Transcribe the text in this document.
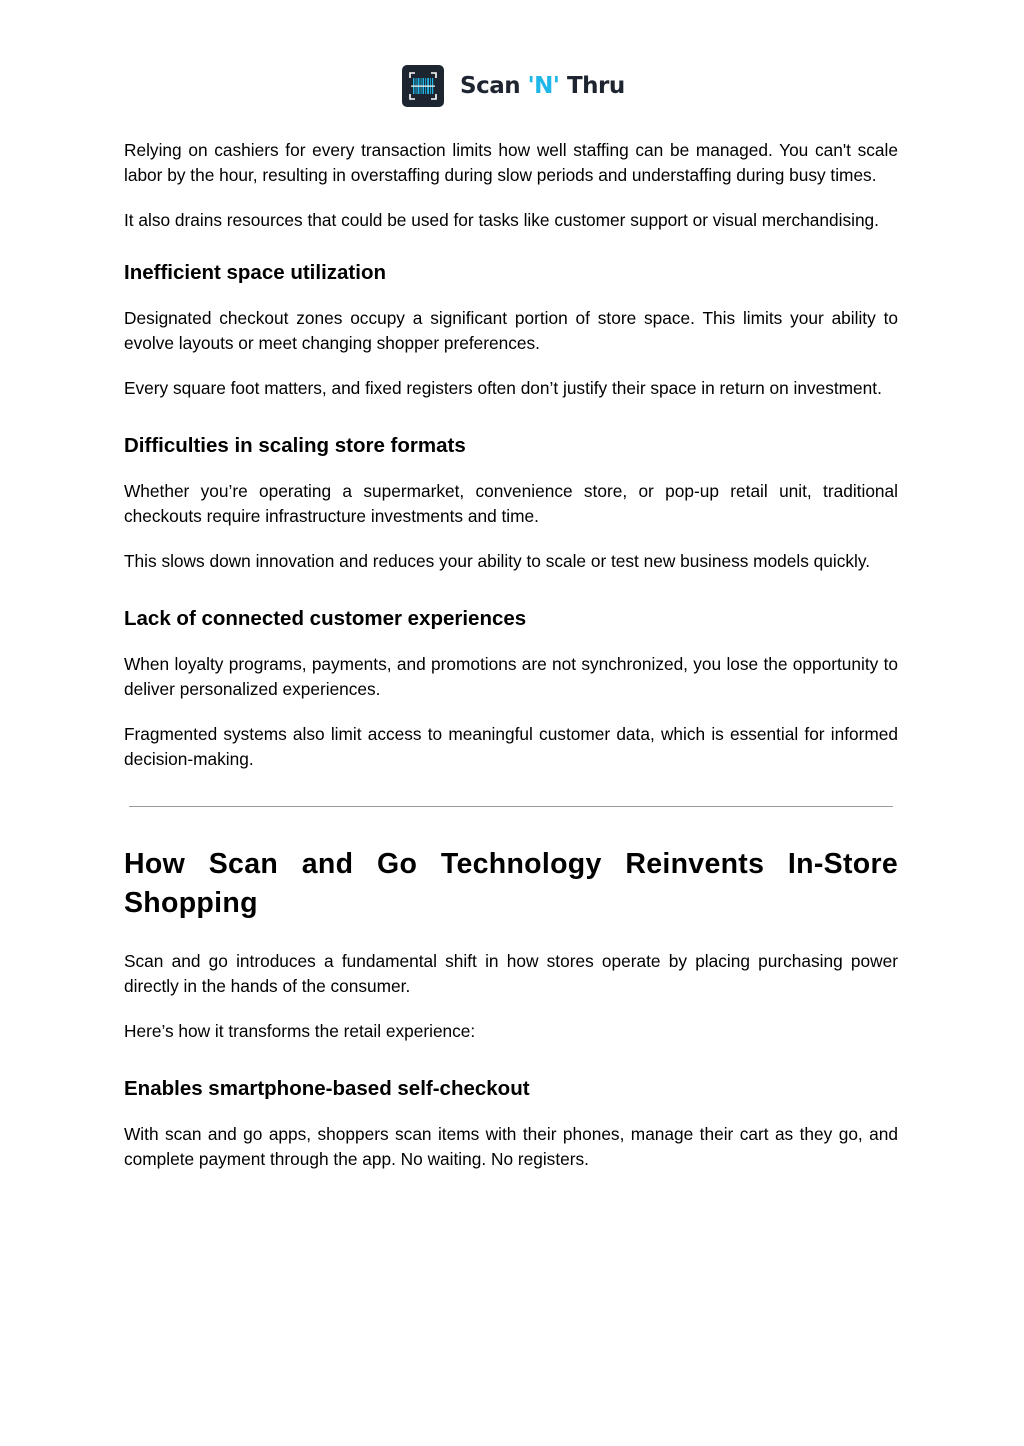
Scan 'N' Thru

Relying on cashiers for every transaction limits how well staffing can be managed. You can't scale labor by the hour, resulting in overstaffing during slow periods and understaffing during busy times.

It also drains resources that could be used for tasks like customer support or visual merchandising.

Inefficient space utilization

Designated checkout zones occupy a significant portion of store space. This limits your ability to evolve layouts or meet changing shopper preferences.

Every square foot matters, and fixed registers often don’t justify their space in return on investment.

Difficulties in scaling store formats

Whether you’re operating a supermarket, convenience store, or pop-up retail unit, traditional checkouts require infrastructure investments and time.

This slows down innovation and reduces your ability to scale or test new business models quickly.

Lack of connected customer experiences

When loyalty programs, payments, and promotions are not synchronized, you lose the opportunity to deliver personalized experiences.

Fragmented systems also limit access to meaningful customer data, which is essential for informed decision-making.

How Scan and Go Technology Reinvents In-Store Shopping

Scan and go introduces a fundamental shift in how stores operate by placing purchasing power directly in the hands of the consumer.

Here’s how it transforms the retail experience:

Enables smartphone-based self-checkout

With scan and go apps, shoppers scan items with their phones, manage their cart as they go, and complete payment through the app. No waiting. No registers.
